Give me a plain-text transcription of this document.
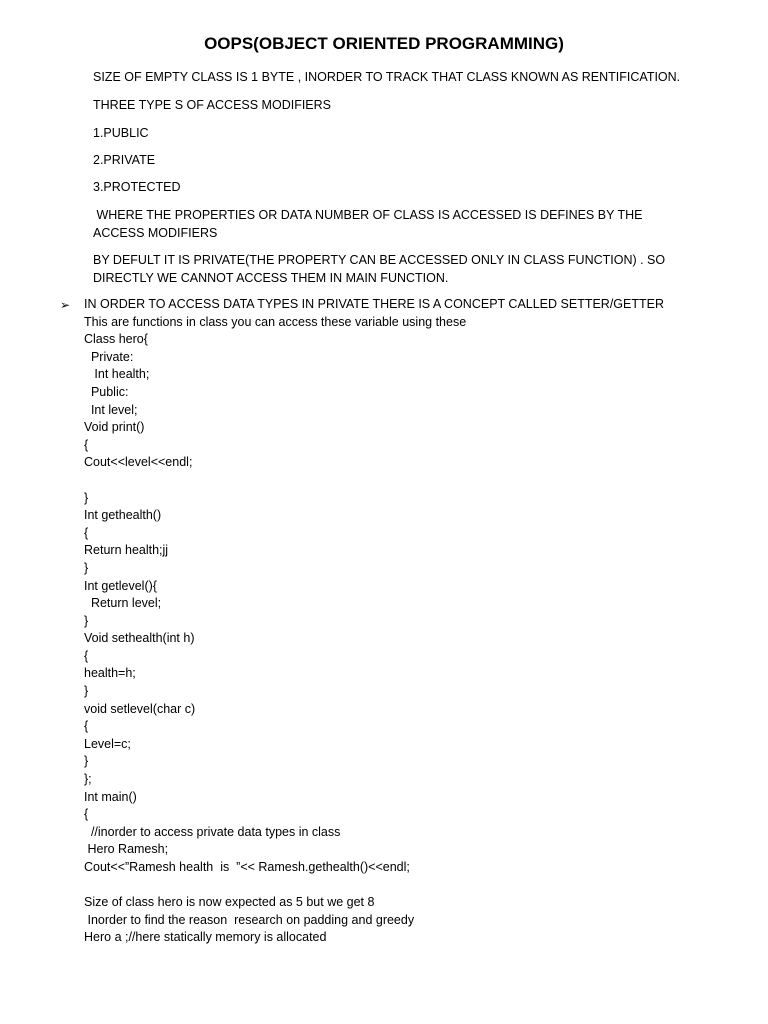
OOPS(OBJECT ORIENTED PROGRAMMING)
SIZE OF EMPTY CLASS IS 1 BYTE , INORDER TO TRACK THAT CLASS KNOWN AS RENTIFICATION.
THREE TYPE S OF ACCESS MODIFIERS
1.PUBLIC
2.PRIVATE
3.PROTECTED
WHERE THE PROPERTIES OR DATA NUMBER OF CLASS IS ACCESSED IS DEFINES BY THE ACCESS MODIFIERS
BY DEFULT IT IS PRIVATE(THE PROPERTY CAN BE ACCESSED ONLY IN CLASS FUNCTION) . SO DIRECTLY WE CANNOT ACCESS THEM IN MAIN FUNCTION.
➢ IN ORDER TO ACCESS DATA TYPES IN PRIVATE THERE IS A CONCEPT CALLED SETTER/GETTER
This are functions in class you can access these variable using these
Class hero{
Private:
Int health;
Public:
Int level;
Void print()
{
Cout<<level<<endl;
}
Int gethealth()
{
Return health;jj
}
Int getlevel(){
Return level;
}
Void sethealth(int h)
{
health=h;
}
void setlevel(char c)
{
Level=c;
}
};
Int main()
{
//inorder to access private data types in class
Hero Ramesh;
Cout<<”Ramesh health  is  ”<< Ramesh.gethealth()<<endl;
Size of class hero is now expected as 5 but we get 8
Inorder to find the reason  research on padding and greedy
Hero a ;//here statically memory is allocated
